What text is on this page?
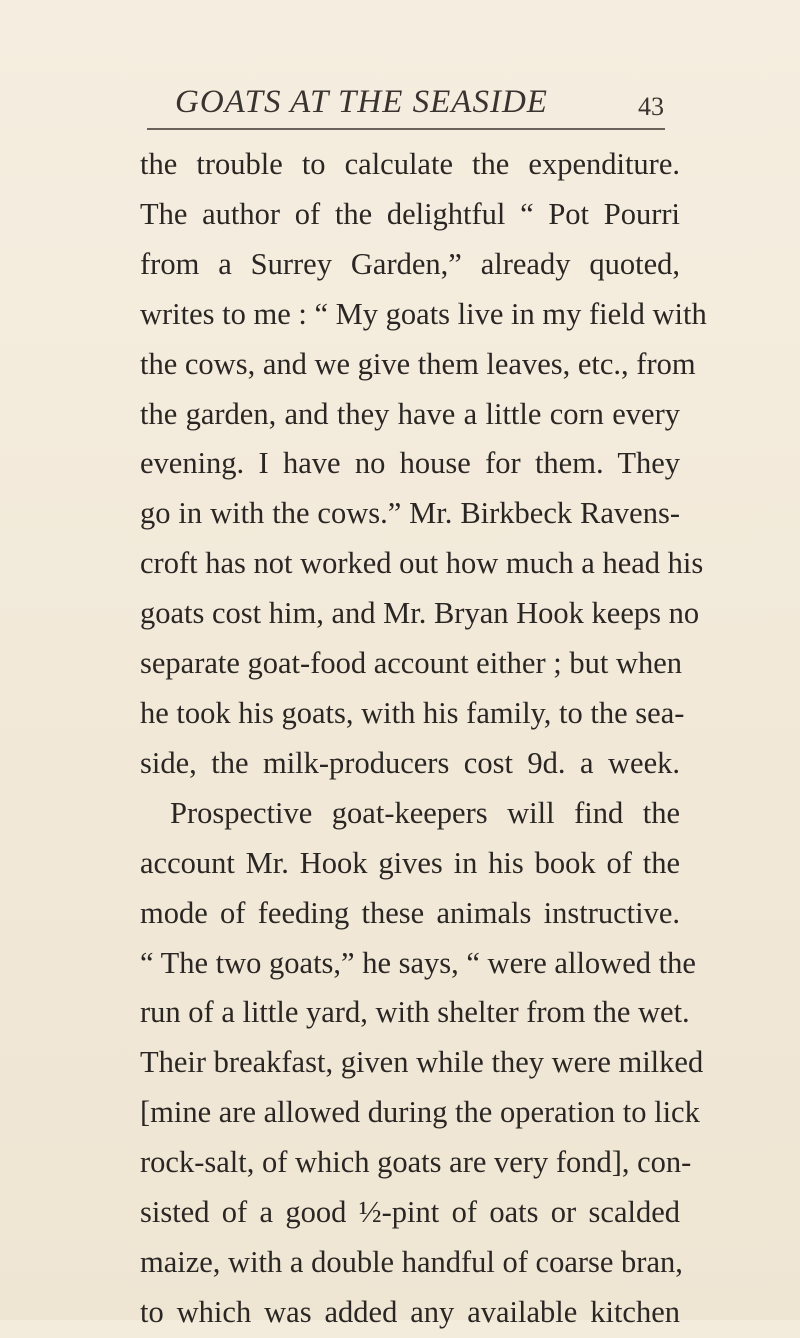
GOATS AT THE SEASIDE	43
the trouble to calculate the expenditure.
The author of the delightful “ Pot Pourri
from a Surrey Garden,” already quoted,
writes to me : “ My goats live in my field with
the cows, and we give them leaves, etc., from
the garden, and they have a little corn every
evening. I have no house for them. They
go in with the cows.” Mr. Birkbeck Ravens-
croft has not worked out how much a head his
goats cost him, and Mr. Bryan Hook keeps no
separate goat-food account either ; but when
he took his goats, with his family, to the sea-
side, the milk-producers cost 9d. a week.
Prospective goat-keepers will find the
account Mr. Hook gives in his book of the
mode of feeding these animals instructive.
“ The two goats,” he says, “ were allowed the
run of a little yard, with shelter from the wet.
Their breakfast, given while they were milked
[mine are allowed during the operation to lick
rock-salt, of which goats are very fond], con-
sisted of a good ½-pint of oats or scalded
maize, with a double handful of coarse bran,
to which was added any available kitchen
